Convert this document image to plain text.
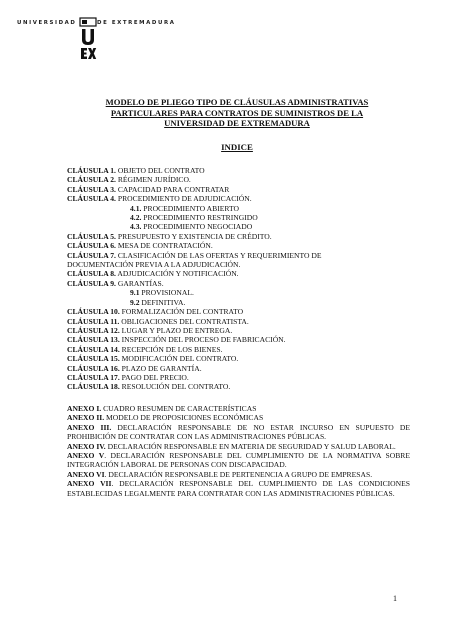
UNIVERSIDAD	DE EXTREMADURA
MODELO DE PLIEGO TIPO DE CLÁUSULAS ADMINISTRATIVAS
PARTICULARES PARA CONTRATOS DE SUMINISTROS DE LA
UNIVERSIDAD DE EXTREMADURA
INDICE
CLÁUSULA 1. OBJETO DEL CONTRATO
CLÁUSULA 2. RÉGIMEN JURÍDICO.
CLÁUSULA 3. CAPACIDAD PARA CONTRATAR
CLÁUSULA 4. PROCEDIMIENTO DE ADJUDICACIÓN.
4.1. PROCEDIMIENTO ABIERTO
4.2. PROCEDIMIENTO RESTRINGIDO
4.3. PROCEDIMIENTO NEGOCIADO
CLÁUSULA 5. PRESUPUESTO Y EXISTENCIA DE CRÉDITO.
CLÁUSULA 6. MESA DE CONTRATACIÓN.
CLÁUSULA 7. CLASIFICACIÓN DE LAS OFERTAS Y REQUERIMIENTO DE
DOCUMENTACIÓN PREVIA A LA ADJUDICACIÓN.
CLÁUSULA 8. ADJUDICACIÓN Y NOTIFICACIÓN.
CLÁUSULA 9. GARANTÍAS.
9.1 PROVISIONAL.
9.2 DEFINITIVA.
CLÁUSULA 10. FORMALIZACIÓN DEL CONTRATO
CLÁUSULA 11. OBLIGACIONES DEL CONTRATISTA.
CLÁUSULA 12. LUGAR Y PLAZO DE ENTREGA.
CLÁUSULA 13. INSPECCIÓN DEL PROCESO DE FABRICACIÓN.
CLÁUSULA 14. RECEPCIÓN DE LOS BIENES.
CLÁUSULA 15. MODIFICACIÓN DEL CONTRATO.
CLÁUSULA 16. PLAZO DE GARANTÍA.
CLÁUSULA 17. PAGO DEL PRECIO.
CLÁUSULA 18. RESOLUCIÓN DEL CONTRATO.
ANEXO I. CUADRO RESUMEN DE CARACTERÍSTICAS
ANEXO II. MODELO DE PROPOSICIONES ECONÓMICAS
ANEXO III. DECLARACIÓN RESPONSABLE DE NO ESTAR INCURSO EN SUPUESTO DE PROHIBICIÓN DE CONTRATAR CON LAS ADMINISTRACIONES PÚBLICAS.
ANEXO IV. DECLARACIÓN RESPONSABLE EN MATERIA DE SEGURIDAD Y SALUD LABORAL.
ANEXO V. DECLARACIÓN RESPONSABLE DEL CUMPLIMIENTO DE LA NORMATIVA SOBRE INTEGRACIÓN LABORAL DE PERSONAS CON DISCAPACIDAD.
ANEXO VI. DECLARACIÓN RESPONSABLE DE PERTENENCIA A GRUPO DE EMPRESAS.
ANEXO VII. DECLARACIÓN RESPONSABLE DEL CUMPLIMIENTO DE LAS CONDICIONES ESTABLECIDAS LEGALMENTE PARA CONTRATAR CON LAS ADMINISTRACIONES PÚBLICAS.
1
